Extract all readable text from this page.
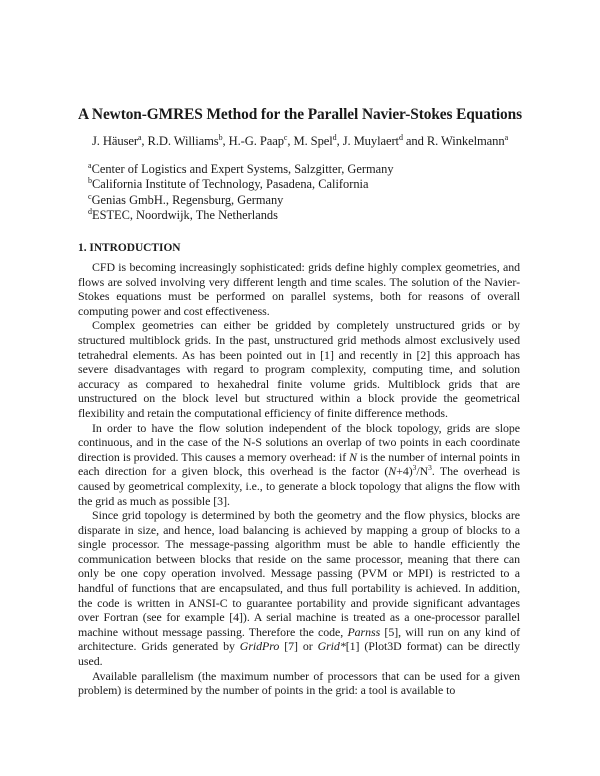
A Newton-GMRES Method for the Parallel Navier-Stokes Equations
J. Häuser$^a$, R.D. Williams$^b$, H.-G. Paap$^c$, M. Spel$^d$, J. Muylaert$^d$ and R. Winkelmann$^a$
$^a$Center of Logistics and Expert Systems, Salzgitter, Germany
$^b$California Institute of Technology, Pasadena, California
$^c$Genias GmbH., Regensburg, Germany
$^d$ESTEC, Noordwijk, The Netherlands
1. INTRODUCTION

CFD is becoming increasingly sophisticated: grids define highly complex geometries, and flows are solved involving very different length and time scales. The solution of the Navier-Stokes equations must be performed on parallel systems, both for reasons of overall computing power and cost effectiveness.

Complex geometries can either be gridded by completely unstructured grids or by structured multiblock grids. In the past, unstructured grid methods almost exclusively used tetrahedral elements. As has been pointed out in [1] and recently in [2] this approach has severe disadvantages with regard to program complexity, computing time, and solution accuracy as compared to hexahedral finite volume grids. Multiblock grids that are unstructured on the block level but structured within a block provide the geometrical flexibility and retain the computational efficiency of finite difference methods.

In order to have the flow solution independent of the block topology, grids are slope continuous, and in the case of the N-S solutions an overlap of two points in each coordinate direction is provided. This causes a memory overhead: if N is the number of internal points in each direction for a given block, this overhead is the factor $(N+4)^3/N^3$. The overhead is caused by geometrical complexity, i.e., to generate a block topology that aligns the flow with the grid as much as possible [3].

Since grid topology is determined by both the geometry and the flow physics, blocks are disparate in size, and hence, load balancing is achieved by mapping a group of blocks to a single processor. The message-passing algorithm must be able to handle efficiently the communication between blocks that reside on the same processor, meaning that there can only be one copy operation involved. Message passing (PVM or MPI) is restricted to a handful of functions that are encapsulated, and thus full portability is achieved. In addition, the code is written in ANSI-C to guarantee portability and provide significant advantages over Fortran (see for example [4]). A serial machine is treated as a one-processor parallel machine without message passing. Therefore the code, Parnss [5], will run on any kind of architecture. Grids generated by GridPro [7] or Grid*[1] (Plot3D format) can be directly used.

Available parallelism (the maximum number of processors that can be used for a given problem) is determined by the number of points in the grid: a tool is available to
